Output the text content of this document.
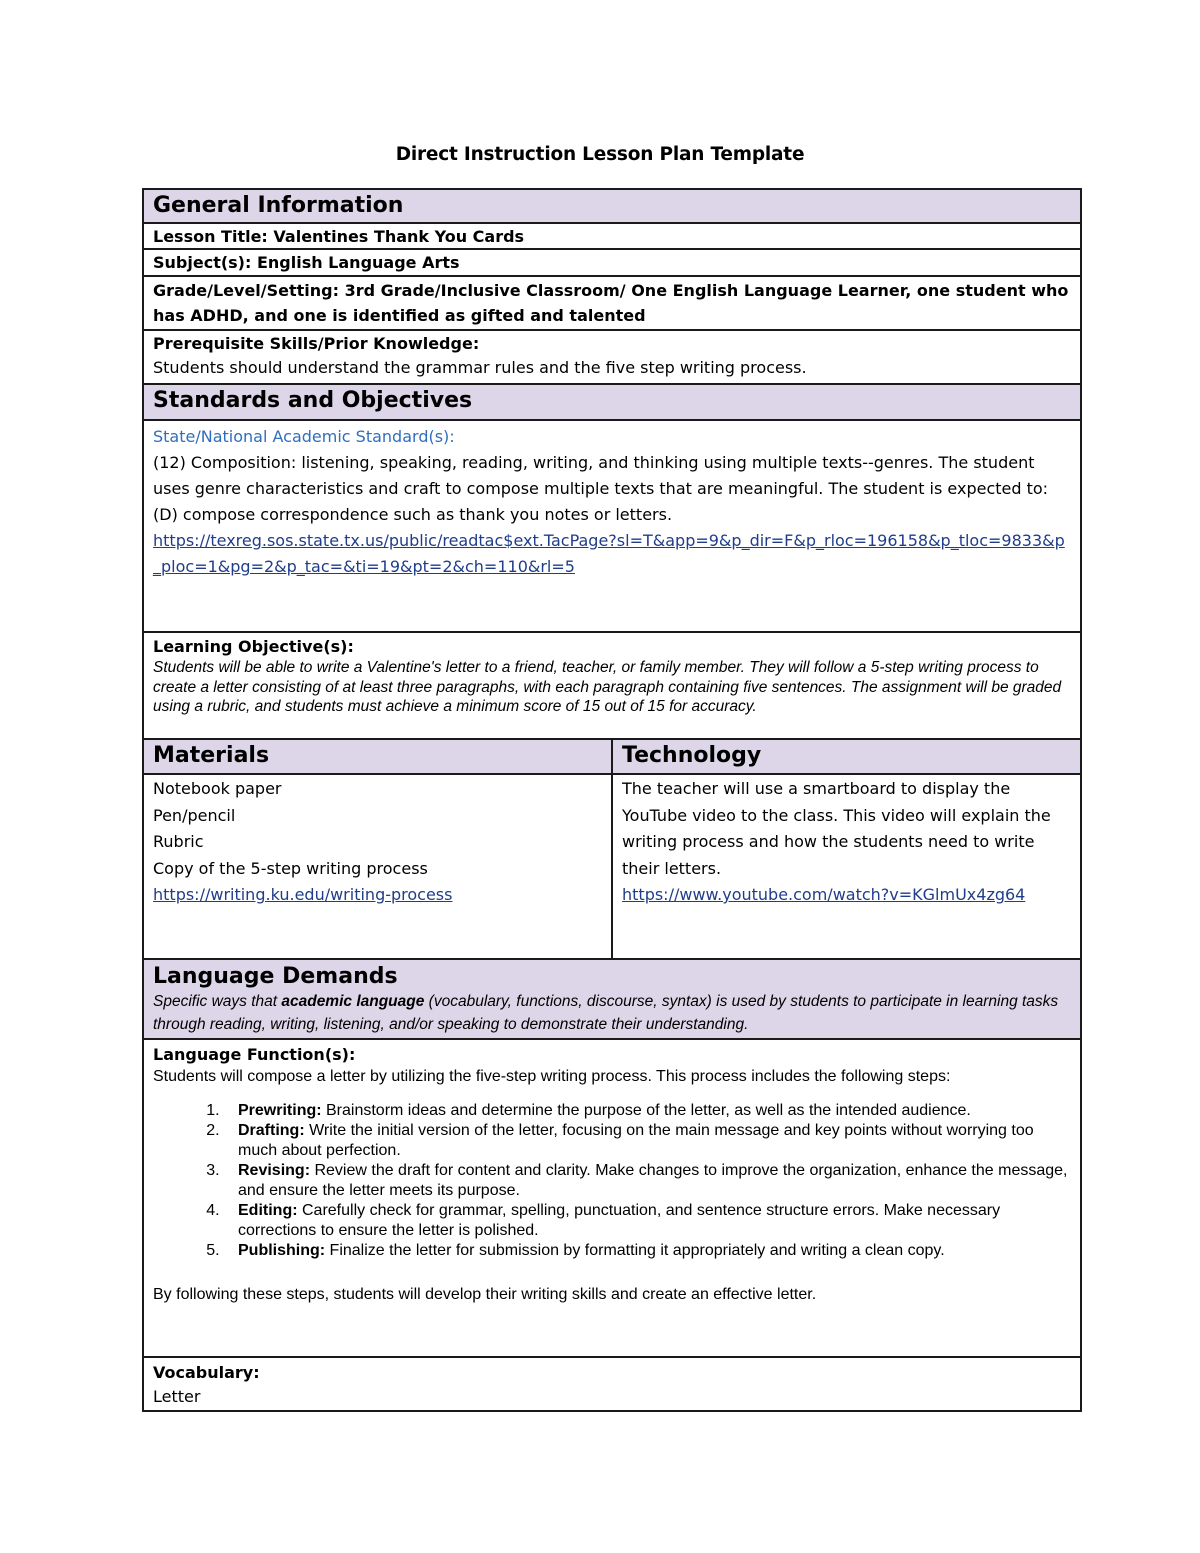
Direct Instruction Lesson Plan Template
General Information
Lesson Title: Valentines Thank You Cards
Subject(s): English Language Arts
Grade/Level/Setting: 3rd Grade/Inclusive Classroom/ One English Language Learner, one student who has ADHD, and one is identified as gifted and talented
Prerequisite Skills/Prior Knowledge:
Students should understand the grammar rules and the five step writing process.
Standards and Objectives
State/National Academic Standard(s):
(12) Composition: listening, speaking, reading, writing, and thinking using multiple texts--genres. The student uses genre characteristics and craft to compose multiple texts that are meaningful. The student is expected to:
(D) compose correspondence such as thank you notes or letters.
https://texreg.sos.state.tx.us/public/readtac$ext.TacPage?sl=T&app=9&p_dir=F&p_rloc=196158&p_tloc=9833&p_ploc=1&pg=2&p_tac=&ti=19&pt=2&ch=110&rl=5
Learning Objective(s):
Students will be able to write a Valentine's letter to a friend, teacher, or family member. They will follow a 5-step writing process to create a letter consisting of at least three paragraphs, with each paragraph containing five sentences. The assignment will be graded using a rubric, and students must achieve a minimum score of 15 out of 15 for accuracy.
Materials	Technology
Notebook paper
Pen/pencil
Rubric
Copy of the 5-step writing process
https://writing.ku.edu/writing-process
The teacher will use a smartboard to display the YouTube video to the class. This video will explain the writing process and how the students need to write their letters.
https://www.youtube.com/watch?v=KGlmUx4zg64
Language Demands
Specific ways that academic language (vocabulary, functions, discourse, syntax) is used by students to participate in learning tasks through reading, writing, listening, and/or speaking to demonstrate their understanding.
Language Function(s):
Students will compose a letter by utilizing the five-step writing process. This process includes the following steps:
1. Prewriting: Brainstorm ideas and determine the purpose of the letter, as well as the intended audience.
2. Drafting: Write the initial version of the letter, focusing on the main message and key points without worrying too much about perfection.
3. Revising: Review the draft for content and clarity. Make changes to improve the organization, enhance the message, and ensure the letter meets its purpose.
4. Editing: Carefully check for grammar, spelling, punctuation, and sentence structure errors. Make necessary corrections to ensure the letter is polished.
5. Publishing: Finalize the letter for submission by formatting it appropriately and writing a clean copy.
By following these steps, students will develop their writing skills and create an effective letter.
Vocabulary:
Letter
